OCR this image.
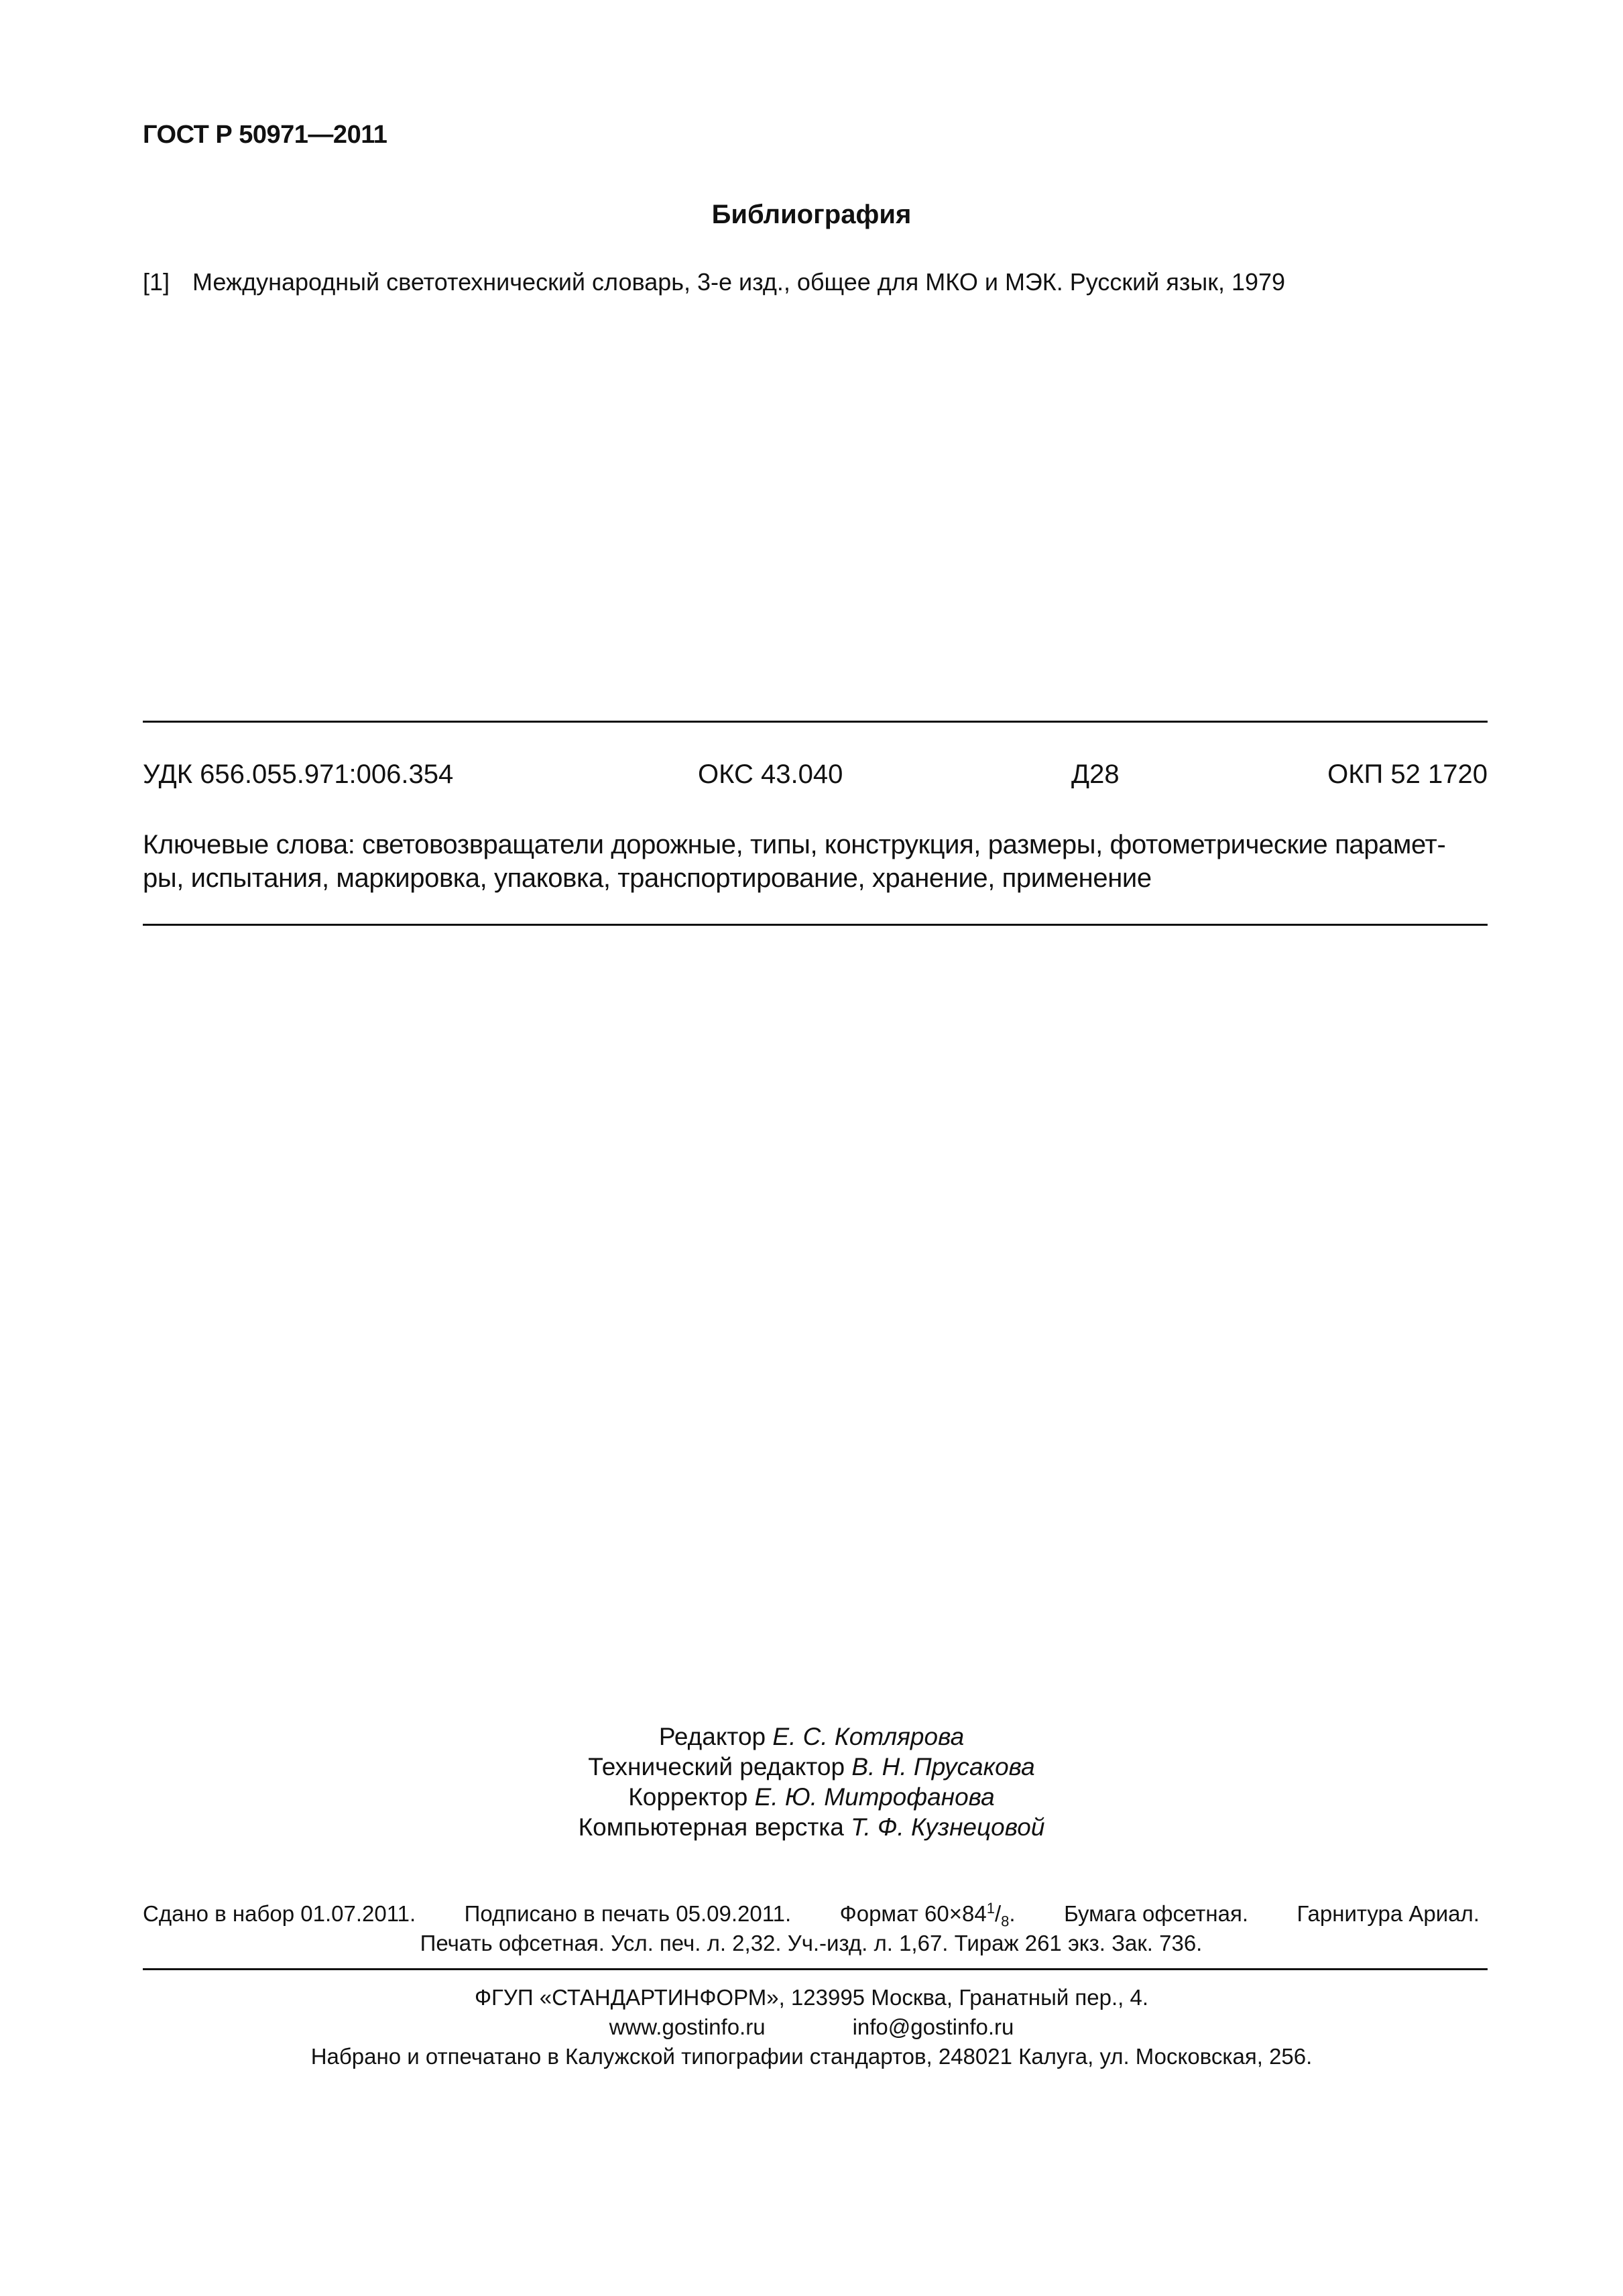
ГОСТ Р 50971—2011
Библиография
[1] Международный светотехнический словарь, 3-е изд., общее для МКО и МЭК. Русский язык, 1979
УДК 656.055.971:006.354	ОКС 43.040	Д28	ОКП 52 1720
Ключевые слова: световозвращатели дорожные, типы, конструкция, размеры, фотометрические парамет-
ры, испытания, маркировка, упаковка, транспортирование, хранение, применение
Редактор Е. С. Котлярова
Технический редактор В. Н. Прусакова
Корректор Е. Ю. Митрофанова
Компьютерная верстка Т. Ф. Кузнецовой
Сдано в набор 01.07.2011. Подписано в печать 05.09.2011. Формат $60\times 84^1/_8$. Бумага офсетная. Гарнитура Ариал.
Печать офсетная. Усл. печ. л. 2,32. Уч.-изд. л. 1,67. Тираж 261 экз. Зак. 736.
ФГУП «СТАНДАРТИНФОРМ», 123995 Москва, Гранатный пер., 4.
www.gostinfo.ru	info@gostinfo.ru
Набрано и отпечатано в Калужской типографии стандартов, 248021 Калуга, ул. Московская, 256.
